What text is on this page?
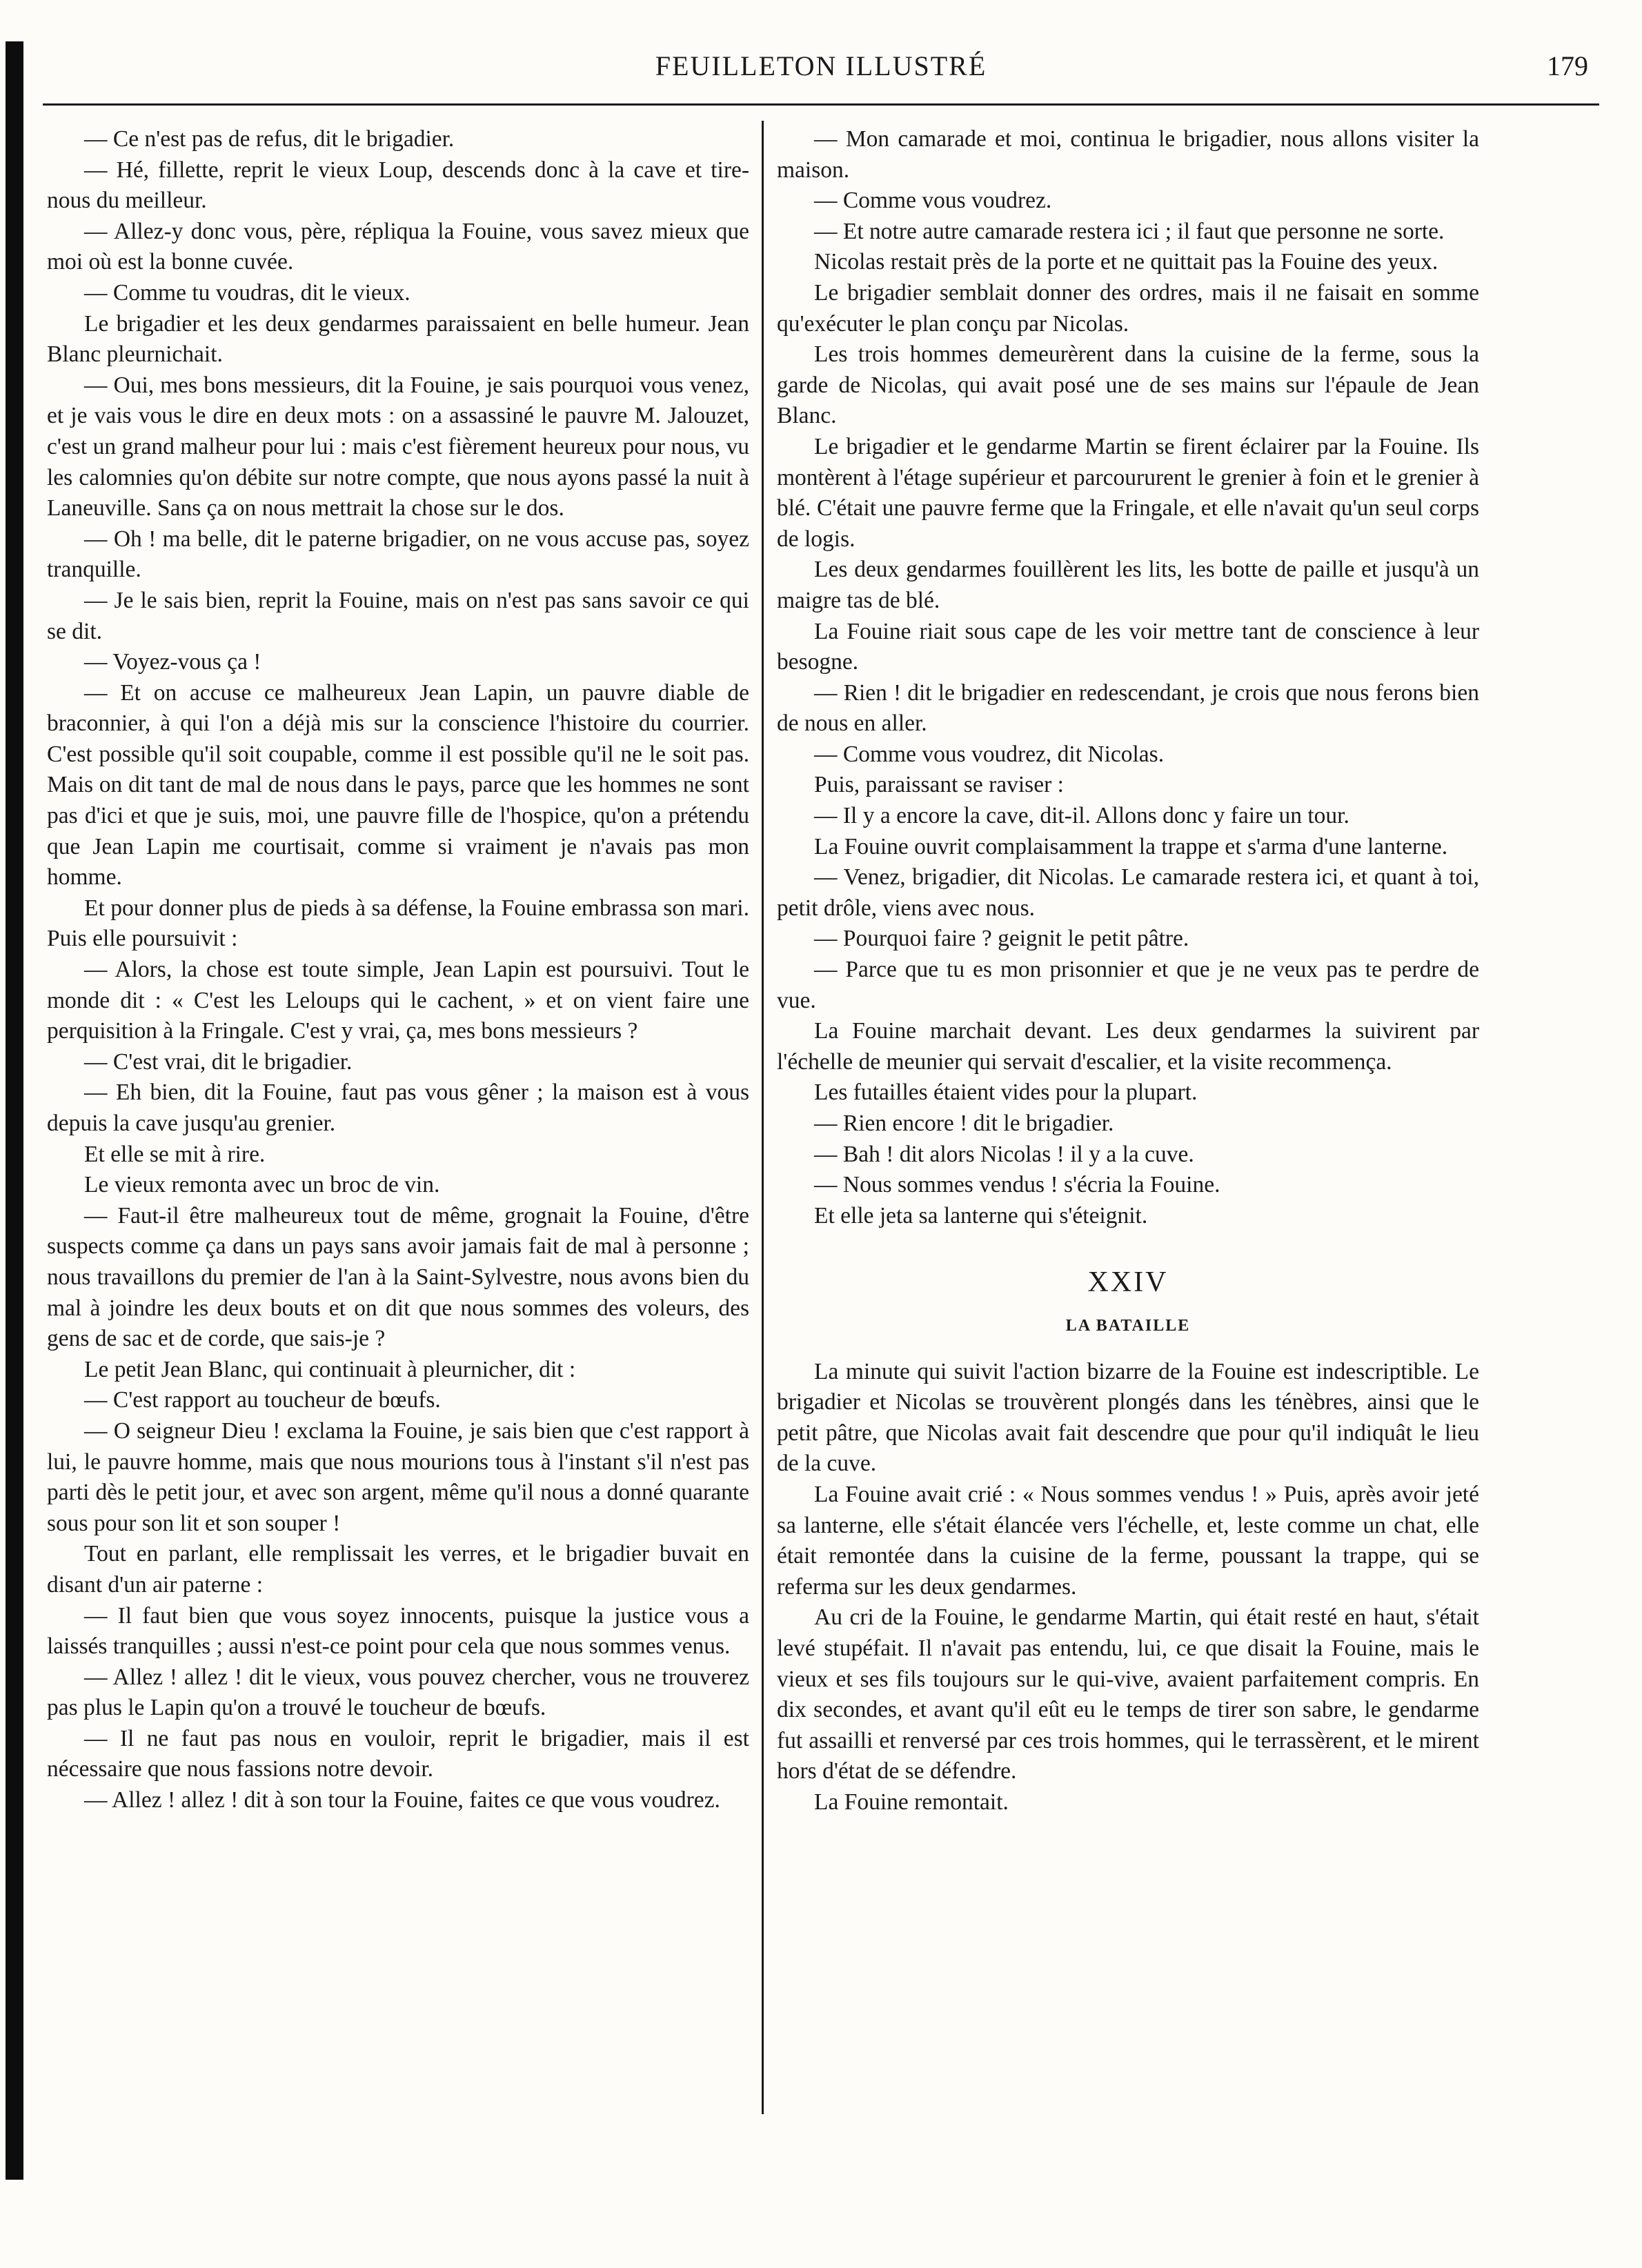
FEUILLETON ILLUSTRÉ	179

— Ce n'est pas de refus, dit le brigadier.

— Hé, fillette, reprit le vieux Loup, descends donc à la cave et tire-nous du meilleur.

— Allez-y donc vous, père, répliqua la Fouine, vous savez mieux que moi où est la bonne cuvée.

— Comme tu voudras, dit le vieux.

Le brigadier et les deux gendarmes paraissaient en belle humeur. Jean Blanc pleurnichait.

— Oui, mes bons messieurs, dit la Fouine, je sais pourquoi vous venez, et je vais vous le dire en deux mots : on a assassiné le pauvre M. Jalouzet, c'est un grand malheur pour lui : mais c'est fièrement heureux pour nous, vu les calomnies qu'on débite sur notre compte, que nous ayons passé la nuit à Laneuville. Sans ça on nous mettrait la chose sur le dos.

— Oh ! ma belle, dit le paterne brigadier, on ne vous accuse pas, soyez tranquille.

— Je le sais bien, reprit la Fouine, mais on n'est pas sans savoir ce qui se dit.

— Voyez-vous ça !

— Et on accuse ce malheureux Jean Lapin, un pauvre diable de braconnier, à qui l'on a déjà mis sur la conscience l'histoire du courrier. C'est possible qu'il soit coupable, comme il est possible qu'il ne le soit pas. Mais on dit tant de mal de nous dans le pays, parce que les hommes ne sont pas d'ici et que je suis, moi, une pauvre fille de l'hospice, qu'on a prétendu que Jean Lapin me courtisait, comme si vraiment je n'avais pas mon homme.

Et pour donner plus de pieds à sa défense, la Fouine embrassa son mari. Puis elle poursuivit :

— Alors, la chose est toute simple, Jean Lapin est poursuivi. Tout le monde dit : « C'est les Leloups qui le cachent, » et on vient faire une perquisition à la Fringale. C'est y vrai, ça, mes bons messieurs ?

— C'est vrai, dit le brigadier.

— Eh bien, dit la Fouine, faut pas vous gêner ; la maison est à vous depuis la cave jusqu'au grenier.

Et elle se mit à rire.

Le vieux remonta avec un broc de vin.

— Faut-il être malheureux tout de même, grognait la Fouine, d'être suspects comme ça dans un pays sans avoir jamais fait de mal à personne ; nous travaillons du premier de l'an à la Saint-Sylvestre, nous avons bien du mal à joindre les deux bouts et on dit que nous sommes des voleurs, des gens de sac et de corde, que sais-je ?

Le petit Jean Blanc, qui continuait à pleurnicher, dit :

— C'est rapport au toucheur de bœufs.

— O seigneur Dieu ! exclama la Fouine, je sais bien que c'est rapport à lui, le pauvre homme, mais que nous mourions tous à l'instant s'il n'est pas parti dès le petit jour, et avec son argent, même qu'il nous a donné quarante sous pour son lit et son souper !

Tout en parlant, elle remplissait les verres, et le brigadier buvait en disant d'un air paterne :

— Il faut bien que vous soyez innocents, puisque la justice vous a laissés tranquilles ; aussi n'est-ce point pour cela que nous sommes venus.

— Allez ! allez ! dit le vieux, vous pouvez chercher, vous ne trouverez pas plus le Lapin qu'on a trouvé le toucheur de bœufs.

— Il ne faut pas nous en vouloir, reprit le brigadier, mais il est nécessaire que nous fassions notre devoir.

— Allez ! allez ! dit à son tour la Fouine, faites ce que vous voudrez.

— Mon camarade et moi, continua le brigadier, nous allons visiter la maison.

— Comme vous voudrez.

— Et notre autre camarade restera ici ; il faut que personne ne sorte.

Nicolas restait près de la porte et ne quittait pas la Fouine des yeux.

Le brigadier semblait donner des ordres, mais il ne faisait en somme qu'exécuter le plan conçu par Nicolas.

Les trois hommes demeurèrent dans la cuisine de la ferme, sous la garde de Nicolas, qui avait posé une de ses mains sur l'épaule de Jean Blanc.

Le brigadier et le gendarme Martin se firent éclairer par la Fouine. Ils montèrent à l'étage supérieur et parcoururent le grenier à foin et le grenier à blé. C'était une pauvre ferme que la Fringale, et elle n'avait qu'un seul corps de logis.

Les deux gendarmes fouillèrent les lits, les botte de paille et jusqu'à un maigre tas de blé.

La Fouine riait sous cape de les voir mettre tant de conscience à leur besogne.

— Rien ! dit le brigadier en redescendant, je crois que nous ferons bien de nous en aller.

— Comme vous voudrez, dit Nicolas.

Puis, paraissant se raviser :

— Il y a encore la cave, dit-il. Allons donc y faire un tour.

La Fouine ouvrit complaisamment la trappe et s'arma d'une lanterne.

— Venez, brigadier, dit Nicolas. Le camarade restera ici, et quant à toi, petit drôle, viens avec nous.

— Pourquoi faire ? geignit le petit pâtre.

— Parce que tu es mon prisonnier et que je ne veux pas te perdre de vue.

La Fouine marchait devant. Les deux gendarmes la suivirent par l'échelle de meunier qui servait d'escalier, et la visite recommença.

Les futailles étaient vides pour la plupart.

— Rien encore ! dit le brigadier.

— Bah ! dit alors Nicolas ! il y a la cuve.

— Nous sommes vendus ! s'écria la Fouine.

Et elle jeta sa lanterne qui s'éteignit.

XXIV
LA BATAILLE

La minute qui suivit l'action bizarre de la Fouine est indescriptible. Le brigadier et Nicolas se trouvèrent plongés dans les ténèbres, ainsi que le petit pâtre, que Nicolas avait fait descendre que pour qu'il indiquât le lieu de la cuve.

La Fouine avait crié : « Nous sommes vendus ! » Puis, après avoir jeté sa lanterne, elle s'était élancée vers l'échelle, et, leste comme un chat, elle était remontée dans la cuisine de la ferme, poussant la trappe, qui se referma sur les deux gendarmes.

Au cri de la Fouine, le gendarme Martin, qui était resté en haut, s'était levé stupéfait. Il n'avait pas entendu, lui, ce que disait la Fouine, mais le vieux et ses fils toujours sur le qui-vive, avaient parfaitement compris. En dix secondes, et avant qu'il eût eu le temps de tirer son sabre, le gendarme fut assailli et renversé par ces trois hommes, qui le terrassèrent, et le mirent hors d'état de se défendre.

La Fouine remontait.
